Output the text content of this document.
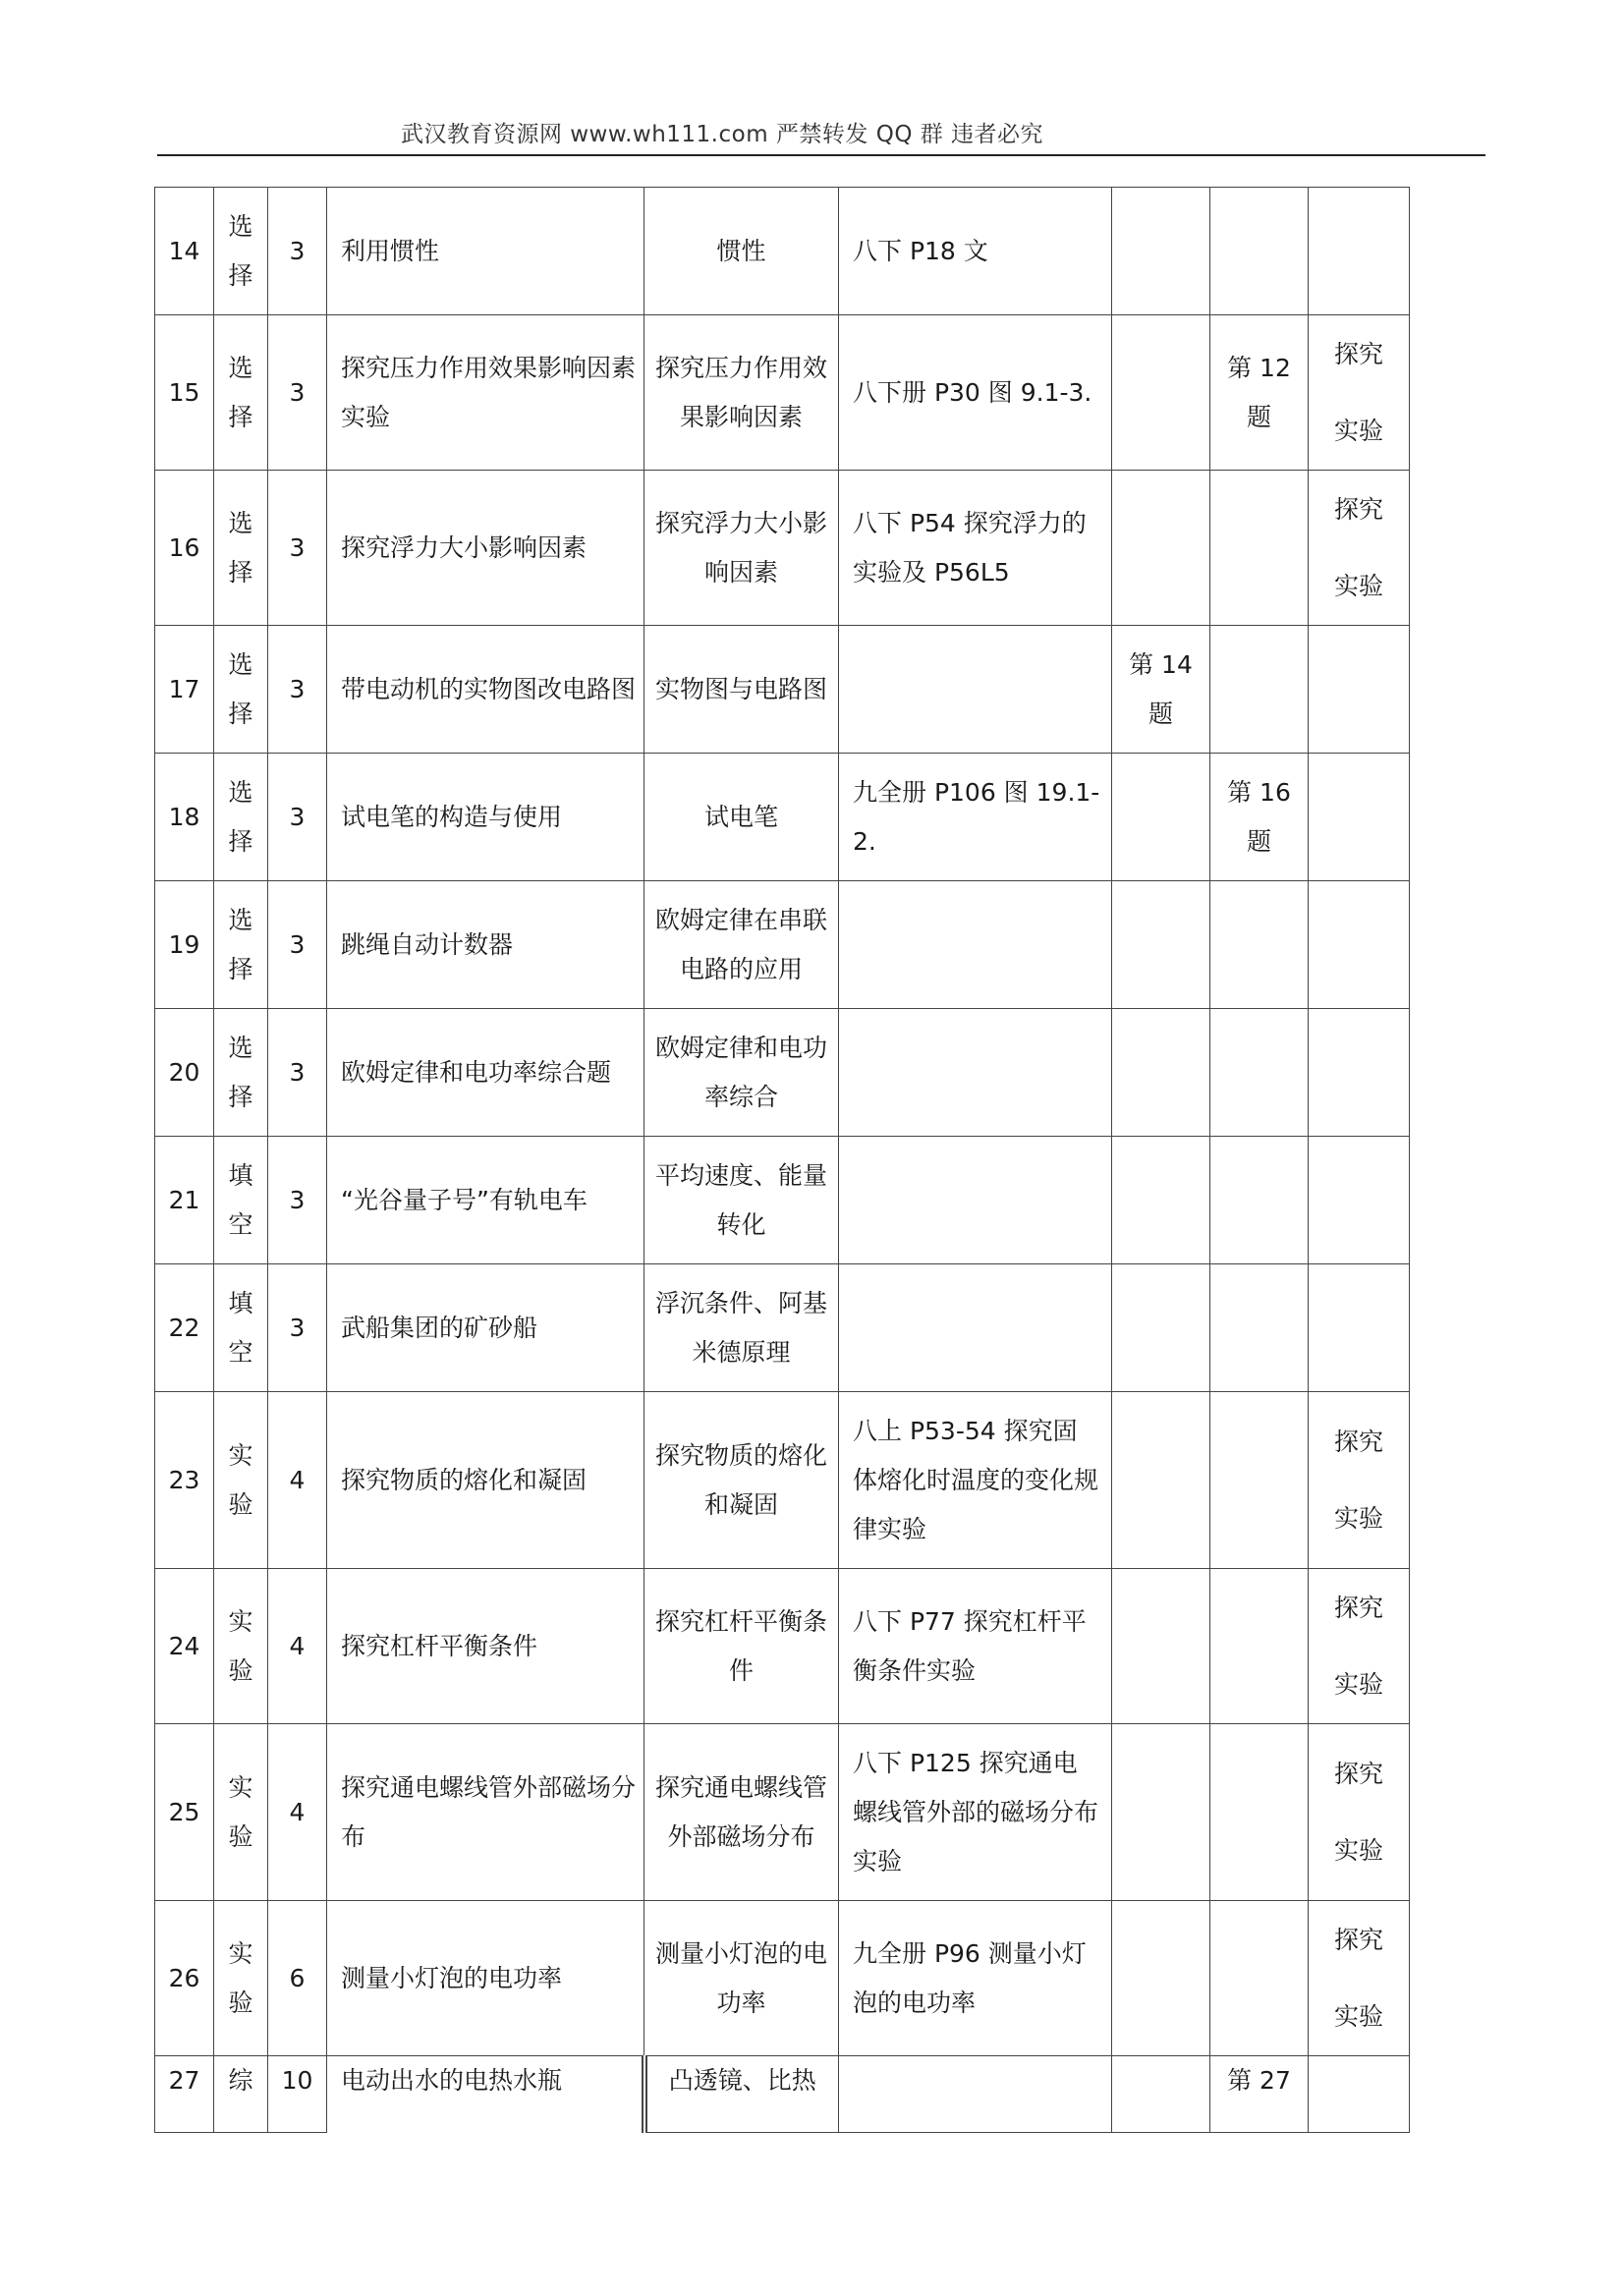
武汉教育资源网 www.wh111.com 严禁转发 QQ 群 违者必究
14	选择	3	利用惯性	惯性	八下 P18 文			
15	选择	3	探究压力作用效果影响因素实验	探究压力作用效果影响因素	八下册 P30 图 9.1-3.		第 12 题	探究实验
16	选择	3	探究浮力大小影响因素	探究浮力大小影响因素	八下 P54 探究浮力的实验及 P56L5			探究实验
17	选择	3	带电动机的实物图改电路图	实物图与电路图		第 14 题		
18	选择	3	试电笔的构造与使用	试电笔	九全册 P106 图 19.1-2.		第 16 题	
19	选择	3	跳绳自动计数器	欧姆定律在串联电路的应用				
20	选择	3	欧姆定律和电功率综合题	欧姆定律和电功率综合				
21	填空	3	“光谷量子号”有轨电车	平均速度、能量转化				
22	填空	3	武船集团的矿砂船	浮沉条件、阿基米德原理				
23	实验	4	探究物质的熔化和凝固	探究物质的熔化和凝固	八上 P53-54 探究固体熔化时温度的变化规律实验			探究实验
24	实验	4	探究杠杆平衡条件	探究杠杆平衡条件	八下 P77 探究杠杆平衡条件实验			探究实验
25	实验	4	探究通电螺线管外部磁场分布	探究通电螺线管外部磁场分布	八下 P125 探究通电螺线管外部的磁场分布实验			探究实验
26	实验	6	测量小灯泡的电功率	测量小灯泡的电功率	九全册 P96 测量小灯泡的电功率			探究实验
27	综	10	电动出水的电热水瓶	凸透镜、比热			第 27	
